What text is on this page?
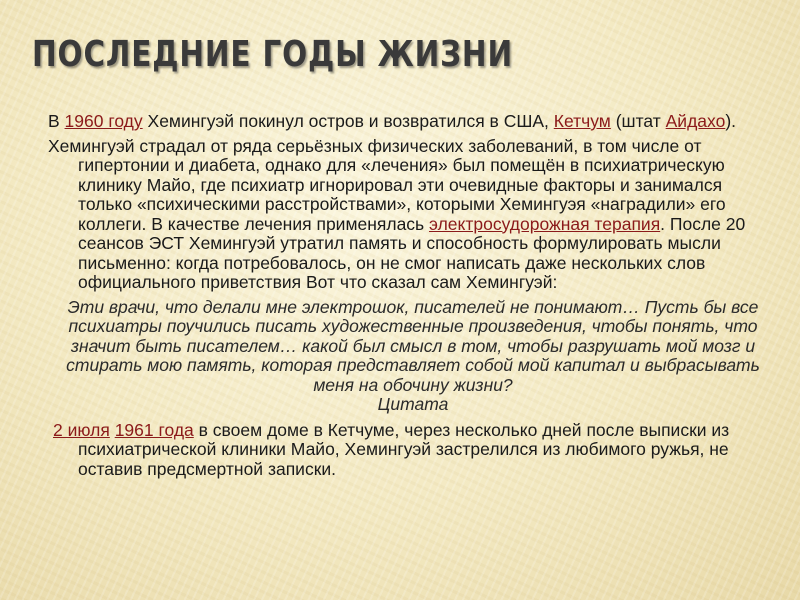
ПОСЛЕДНИЕ ГОДЫ ЖИЗНИ

В 1960 году Хемингуэй покинул остров и возвратился в США, Кетчум (штат Айдахо).

Хемингуэй страдал от ряда серьёзных физических заболеваний, в том числе от гипертонии и диабета, однако для «лечения» был помещён в психиатрическую клинику Майо, где психиатр игнорировал эти очевидные факторы и занимался только «психическими расстройствами», которыми Хемингуэя «наградили» его коллеги. В качестве лечения применялась электросудорожная терапия. После 20 сеансов ЭСТ Хемингуэй утратил память и способность формулировать мысли письменно: когда потребовалось, он не смог написать даже нескольких слов официального приветствия Вот что сказал сам Хемингуэй:

Эти врачи, что делали мне электрошок, писателей не понимают… Пусть бы все психиатры поучились писать художественные произведения, чтобы понять, что значит быть писателем… какой был смысл в том, чтобы разрушать мой мозг и стирать мою память, которая представляет собой мой капитал и выбрасывать меня на обочину жизни?
Цитата

2 июля 1961 года в своем доме в Кетчуме, через несколько дней после выписки из психиатрической клиники Майо, Хемингуэй застрелился из любимого ружья, не оставив предсмертной записки.
